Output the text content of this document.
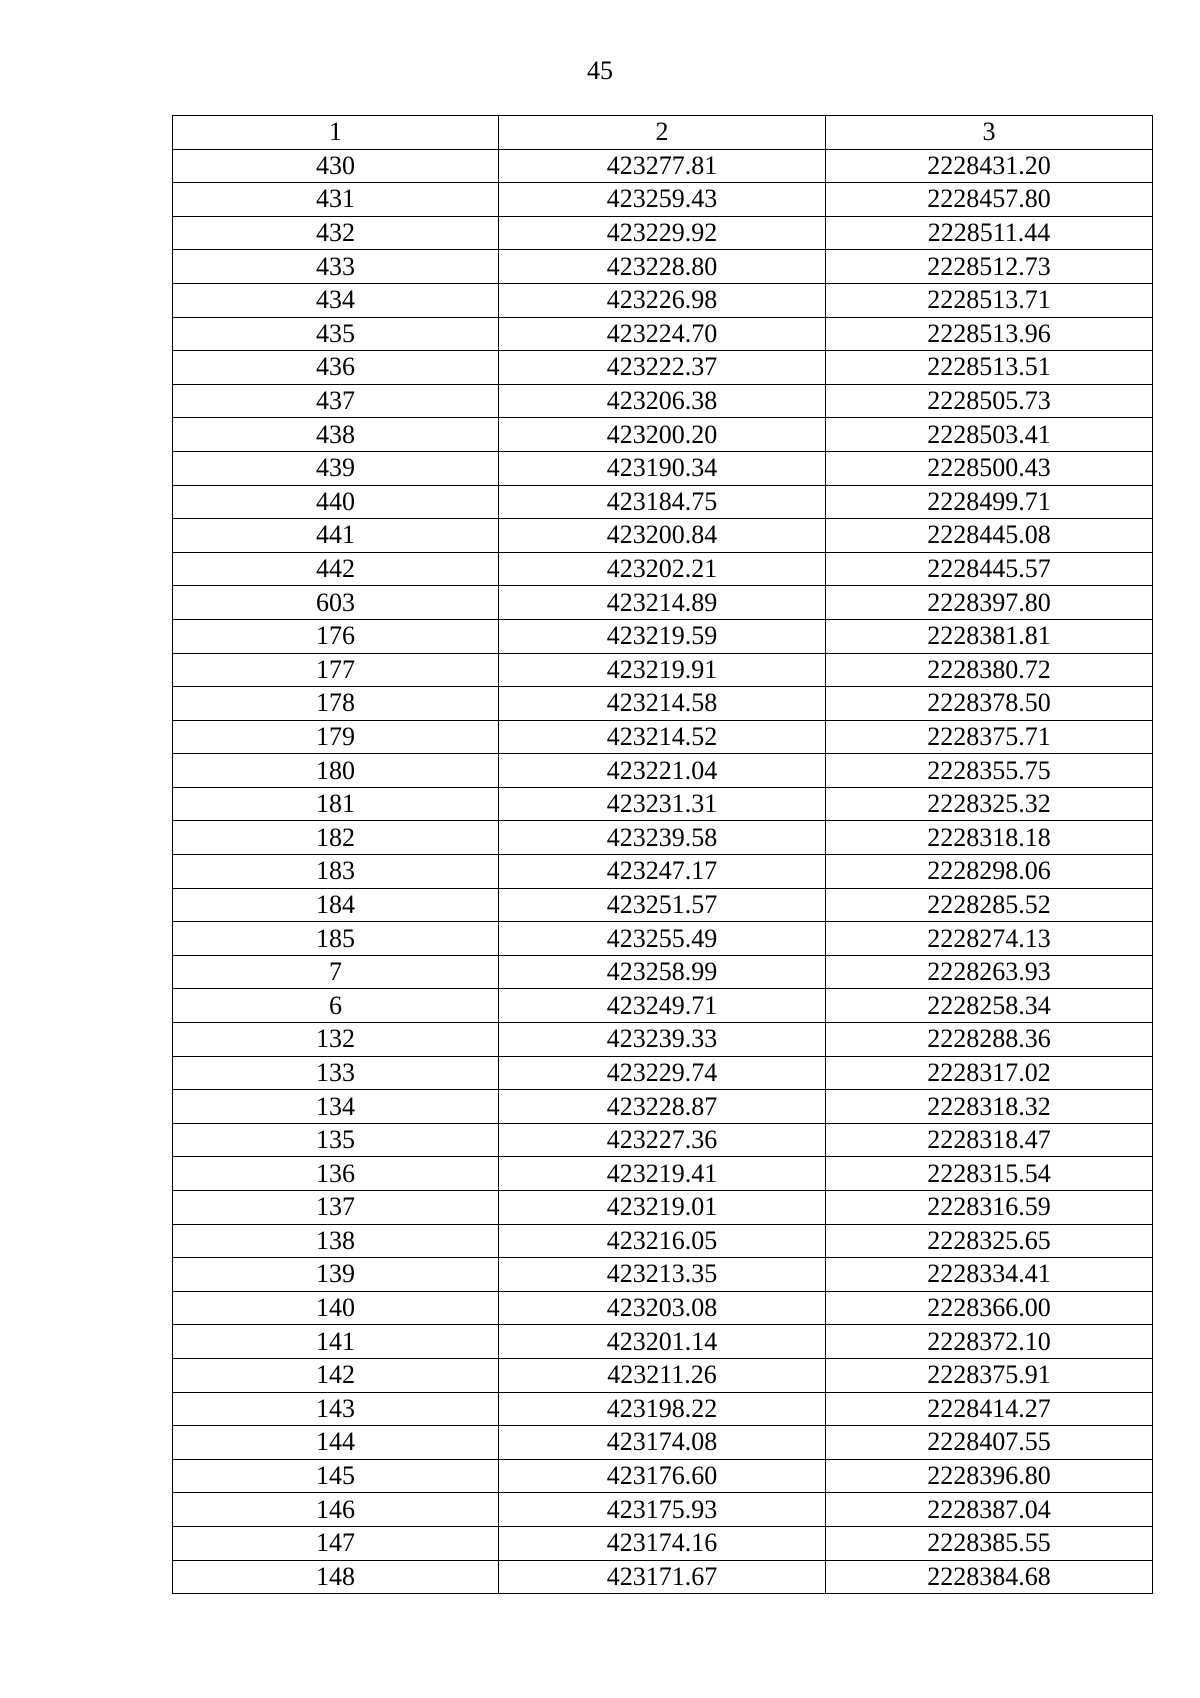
45
1	2	3
430	423277.81	2228431.20
431	423259.43	2228457.80
432	423229.92	2228511.44
433	423228.80	2228512.73
434	423226.98	2228513.71
435	423224.70	2228513.96
436	423222.37	2228513.51
437	423206.38	2228505.73
438	423200.20	2228503.41
439	423190.34	2228500.43
440	423184.75	2228499.71
441	423200.84	2228445.08
442	423202.21	2228445.57
603	423214.89	2228397.80
176	423219.59	2228381.81
177	423219.91	2228380.72
178	423214.58	2228378.50
179	423214.52	2228375.71
180	423221.04	2228355.75
181	423231.31	2228325.32
182	423239.58	2228318.18
183	423247.17	2228298.06
184	423251.57	2228285.52
185	423255.49	2228274.13
7	423258.99	2228263.93
6	423249.71	2228258.34
132	423239.33	2228288.36
133	423229.74	2228317.02
134	423228.87	2228318.32
135	423227.36	2228318.47
136	423219.41	2228315.54
137	423219.01	2228316.59
138	423216.05	2228325.65
139	423213.35	2228334.41
140	423203.08	2228366.00
141	423201.14	2228372.10
142	423211.26	2228375.91
143	423198.22	2228414.27
144	423174.08	2228407.55
145	423176.60	2228396.80
146	423175.93	2228387.04
147	423174.16	2228385.55
148	423171.67	2228384.68
